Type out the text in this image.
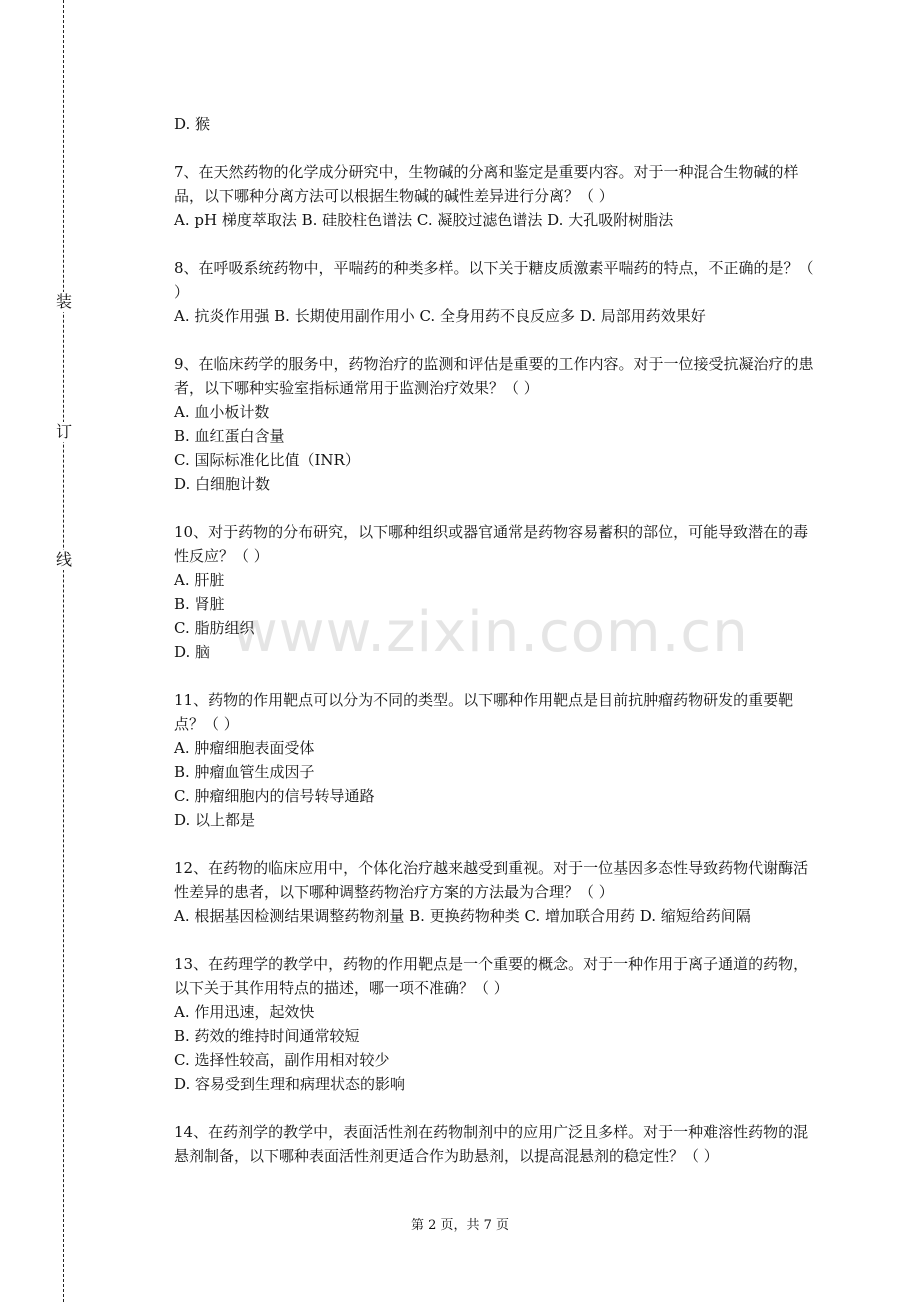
装
订
线
www.zixin.com.cn

D. 猴

7、在天然药物的化学成分研究中，生物碱的分离和鉴定是重要内容。对于一种混合生物碱的样品，以下哪种分离方法可以根据生物碱的碱性差异进行分离？（ ）

A. pH 梯度萃取法 B. 硅胶柱色谱法 C. 凝胶过滤色谱法 D. 大孔吸附树脂法

8、在呼吸系统药物中，平喘药的种类多样。以下关于糖皮质激素平喘药的特点，不正确的是？（ ）

A. 抗炎作用强 B. 长期使用副作用小 C. 全身用药不良反应多 D. 局部用药效果好

9、在临床药学的服务中，药物治疗的监测和评估是重要的工作内容。对于一位接受抗凝治疗的患者，以下哪种实验室指标通常用于监测治疗效果？（ ）

A. 血小板计数

B. 血红蛋白含量

C. 国际标准化比值（INR）

D. 白细胞计数

10、对于药物的分布研究，以下哪种组织或器官通常是药物容易蓄积的部位，可能导致潜在的毒性反应？（ ）

A. 肝脏

B. 肾脏

C. 脂肪组织

D. 脑

11、药物的作用靶点可以分为不同的类型。以下哪种作用靶点是目前抗肿瘤药物研发的重要靶点？（ ）

A. 肿瘤细胞表面受体

B. 肿瘤血管生成因子

C. 肿瘤细胞内的信号转导通路

D. 以上都是

12、在药物的临床应用中，个体化治疗越来越受到重视。对于一位基因多态性导致药物代谢酶活性差异的患者，以下哪种调整药物治疗方案的方法最为合理？（ ）

A. 根据基因检测结果调整药物剂量 B. 更换药物种类 C. 增加联合用药 D. 缩短给药间隔

13、在药理学的教学中，药物的作用靶点是一个重要的概念。对于一种作用于离子通道的药物，以下关于其作用特点的描述，哪一项不准确？（ ）

A. 作用迅速，起效快

B. 药效的维持时间通常较短

C. 选择性较高，副作用相对较少

D. 容易受到生理和病理状态的影响

14、在药剂学的教学中，表面活性剂在药物制剂中的应用广泛且多样。对于一种难溶性药物的混悬剂制备，以下哪种表面活性剂更适合作为助悬剂，以提高混悬剂的稳定性？（ ）

第 2 页，共 7 页
